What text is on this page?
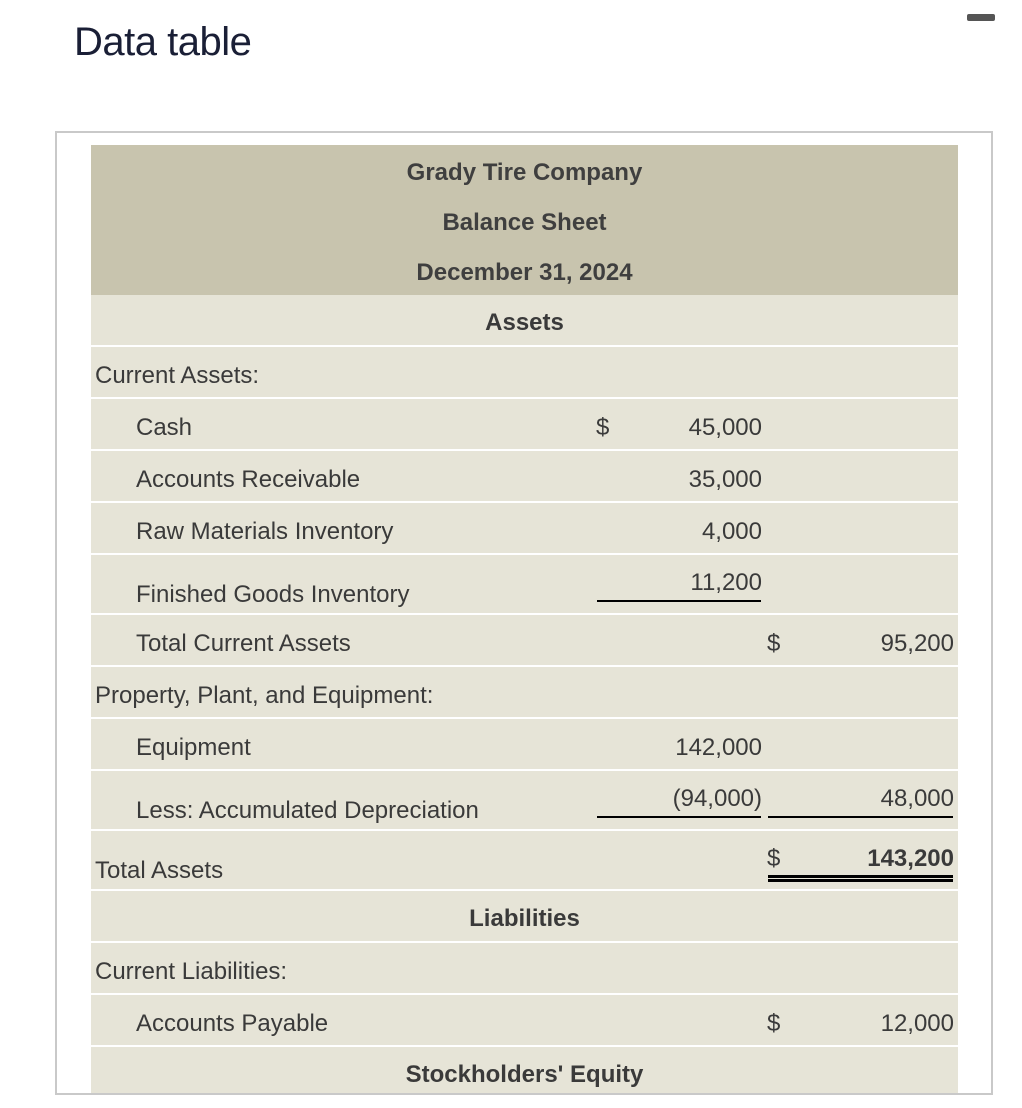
Data table
Grady Tire Company
Balance Sheet
December 31, 2024
Assets
Current Assets:
Cash	$	45,000
Accounts Receivable	35,000
Raw Materials Inventory	4,000
Finished Goods Inventory	11,200
Total Current Assets	$	95,200
Property, Plant, and Equipment:
Equipment	142,000
Less: Accumulated Depreciation	(94,000)	48,000
Total Assets	$	143,200
Liabilities
Current Liabilities:
Accounts Payable	$	12,000
Stockholders' Equity
